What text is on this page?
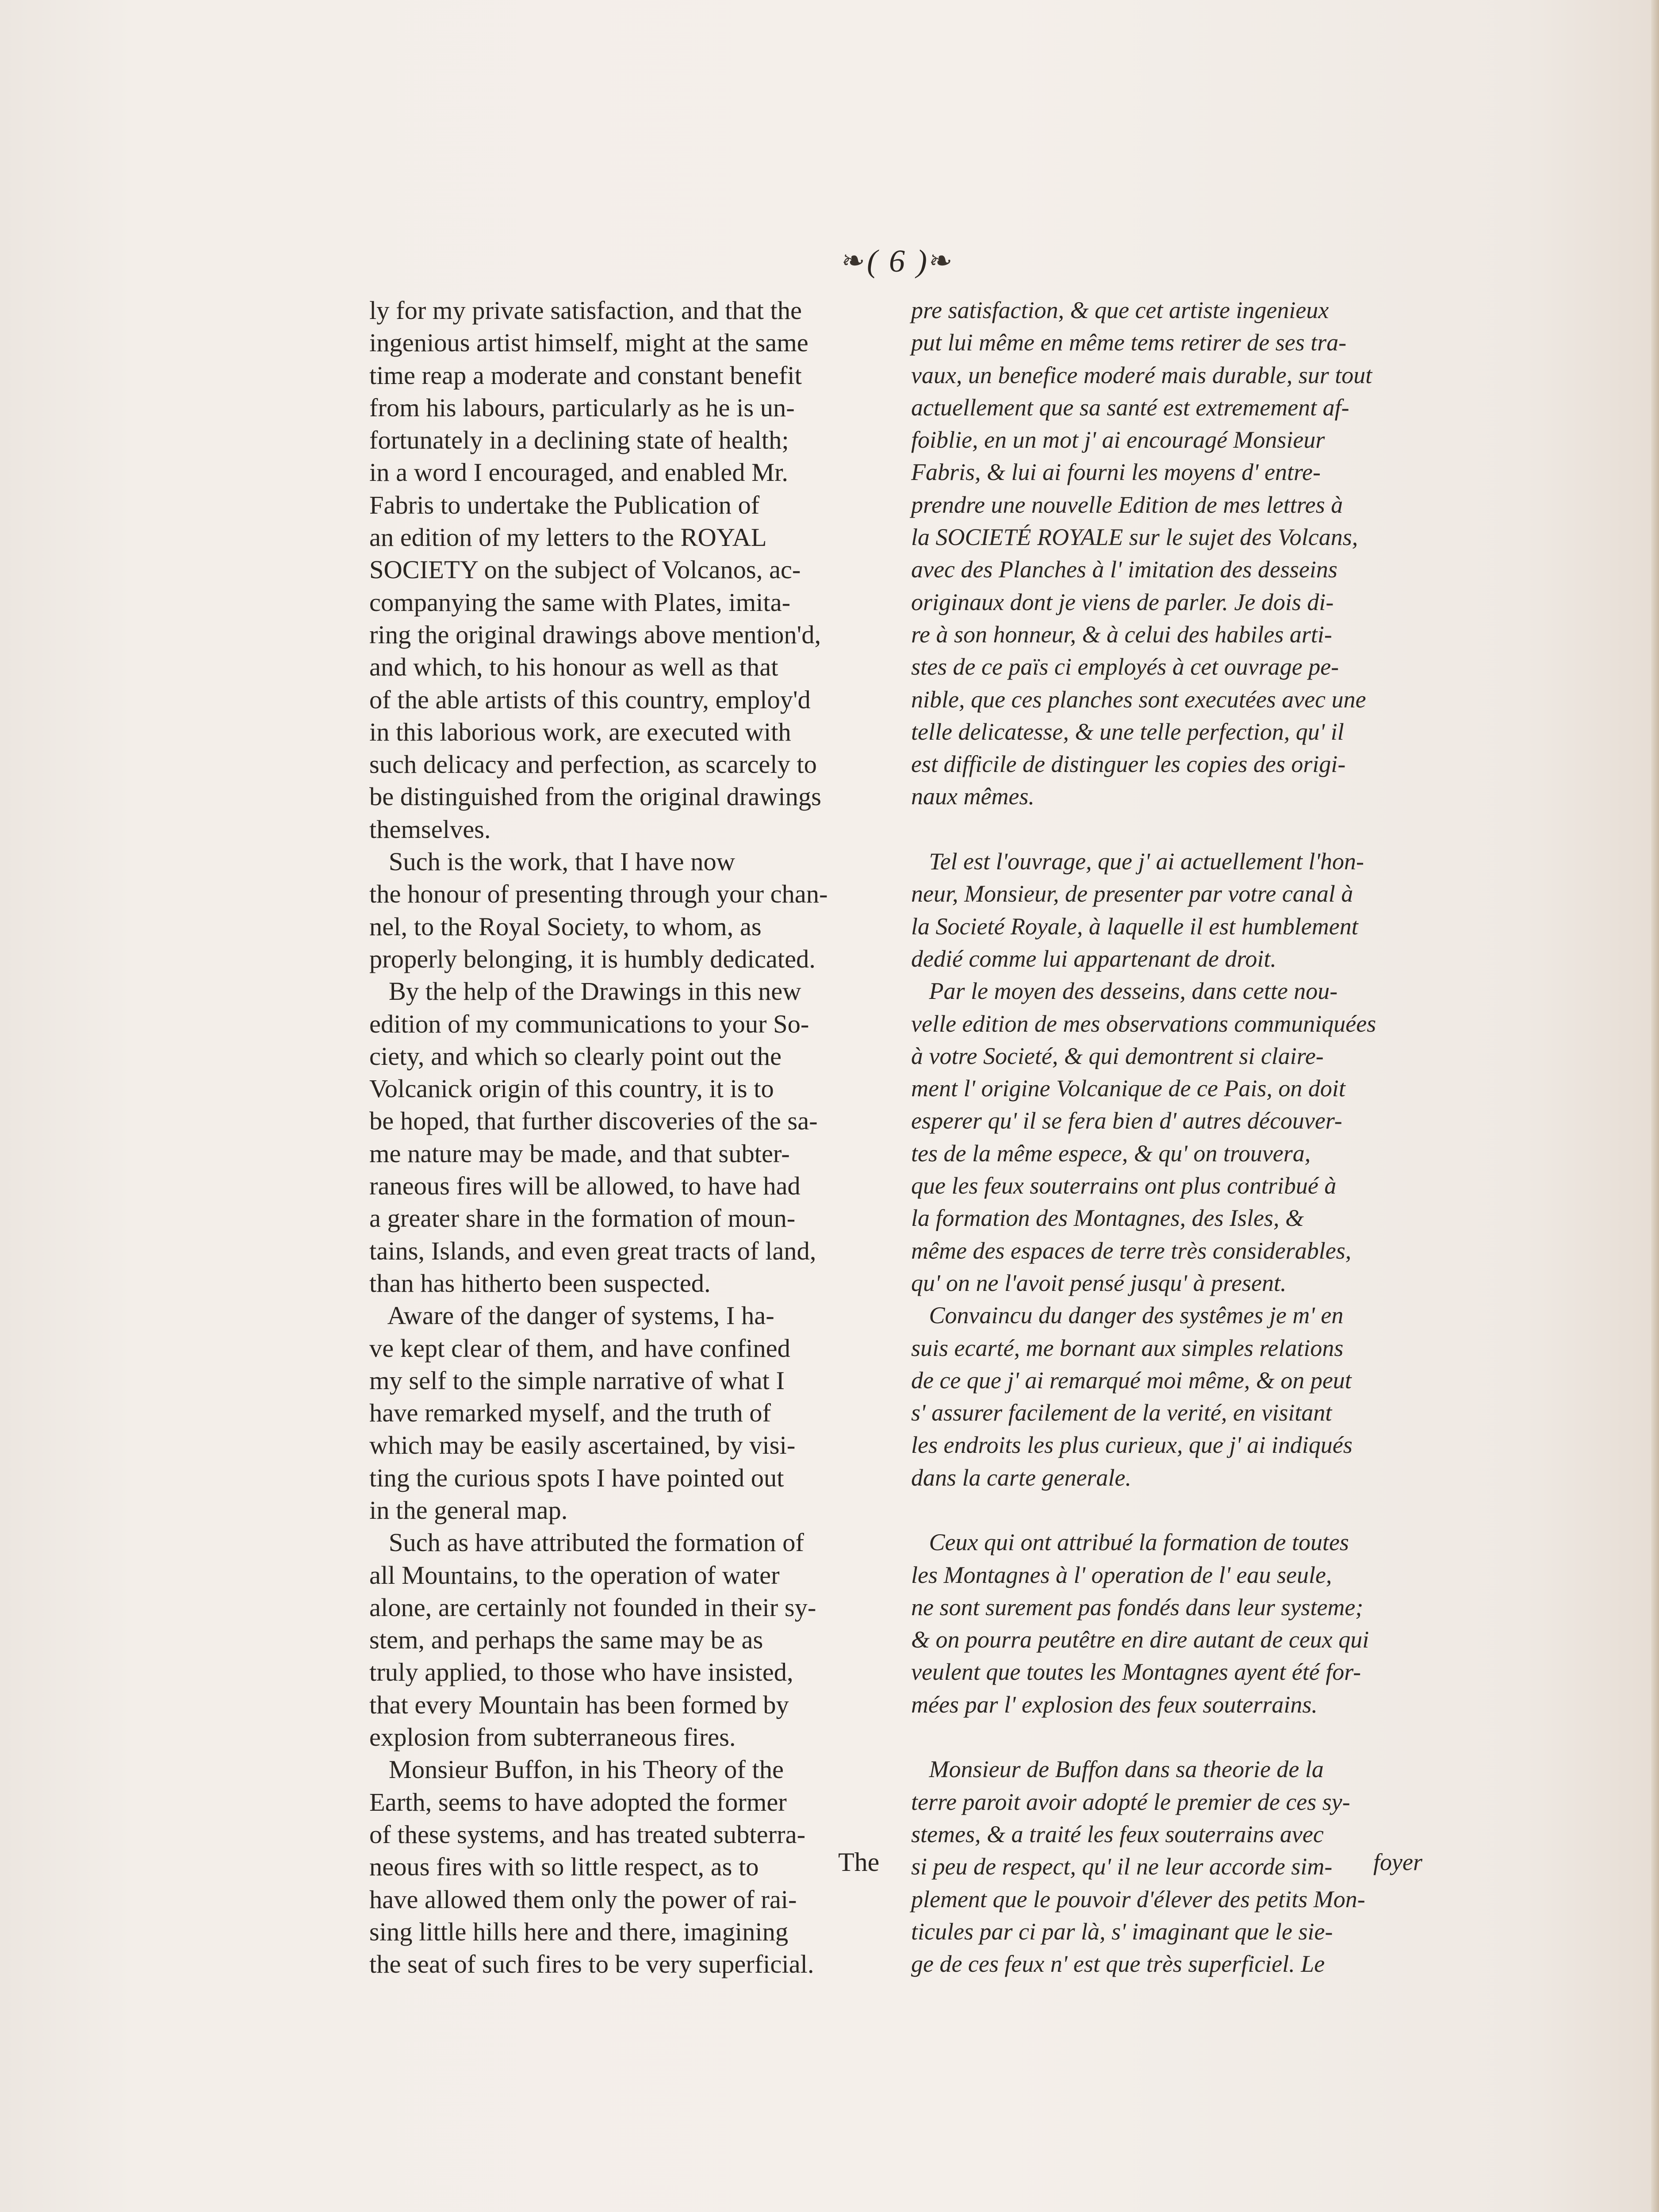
❧ ( 6 ) ❧
ly for my private satisfaction, and that the
ingenious artist himself, might at the same
time reap a moderate and constant benefit
from his labours, particularly as he is un-
fortunately in a declining state of health;
in a word I encouraged, and enabled Mr.
Fabris to undertake the Publication of
an edition of my letters to the ROYAL
SOCIETY on the subject of Volcanos, ac-
companying the same with Plates, imita-
ring the original drawings above mention'd,
and which, to his honour as well as that
of the able artists of this country, employ'd
in this laborious work, are executed with
such delicacy and perfection, as scarcely to
be distinguished from the original drawings
themselves.
Such is the work, that I have now
the honour of presenting through your chan-
nel, to the Royal Society, to whom, as
properly belonging, it is humbly dedicated.
By the help of the Drawings in this new
edition of my communications to your So-
ciety, and which so clearly point out the
Volcanick origin of this country, it is to
be hoped, that further discoveries of the sa-
me nature may be made, and that subter-
raneous fires will be allowed, to have had
a greater share in the formation of moun-
tains, Islands, and even great tracts of land,
than has hitherto been suspected.
Aware of the danger of systems, I ha-
ve kept clear of them, and have confined
my self to the simple narrative of what I
have remarked myself, and the truth of
which may be easily ascertained, by visi-
ting the curious spots I have pointed out
in the general map.
Such as have attributed the formation of
all Mountains, to the operation of water
alone, are certainly not founded in their sy-
stem, and perhaps the same may be as
truly applied, to those who have insisted,
that every Mountain has been formed by
explosion from subterraneous fires.
Monsieur Buffon, in his Theory of the
Earth, seems to have adopted the former
of these systems, and has treated subterra-
neous fires with so little respect, as to
have allowed them only the power of rai-
sing little hills here and there, imagining
the seat of such fires to be very superficial.
pre satisfaction, & que cet artiste ingenieux
put lui même en même tems retirer de ses tra-
vaux, un benefice moderé mais durable, sur tout
actuellement que sa santé est extremement af-
foiblie, en un mot j' ai encouragé Monsieur
Fabris, & lui ai fourni les moyens d' entre-
prendre une nouvelle Edition de mes lettres à
la SOCIETÉ ROYALE sur le sujet des Volcans,
avec des Planches à l' imitation des desseins
originaux dont je viens de parler. Je dois di-
re à son honneur, & à celui des habiles arti-
stes de ce païs ci employés à cet ouvrage pe-
nible, que ces planches sont executées avec une
telle delicatesse, & une telle perfection, qu' il
est difficile de distinguer les copies des origi-
naux mêmes.
Tel est l'ouvrage, que j' ai actuellement l'hon-
neur, Monsieur, de presenter par votre canal à
la Societé Royale, à laquelle il est humblement
dedié comme lui appartenant de droit.
Par le moyen des desseins, dans cette nou-
velle edition de mes observations communiquées
à votre Societé, & qui demontrent si claire-
ment l' origine Volcanique de ce Pais, on doit
esperer qu' il se fera bien d' autres découver-
tes de la même espece, & qu' on trouvera,
que les feux souterrains ont plus contribué à
la formation des Montagnes, des Isles, &
même des espaces de terre très considerables,
qu' on ne l'avoit pensé jusqu' à present.
Convaincu du danger des systêmes je m' en
suis ecarté, me bornant aux simples relations
de ce que j' ai remarqué moi même, & on peut
s' assurer facilement de la verité, en visitant
les endroits les plus curieux, que j' ai indiqués
dans la carte generale.
Ceux qui ont attribué la formation de toutes
les Montagnes à l' operation de l' eau seule,
ne sont surement pas fondés dans leur systeme;
& on pourra peutêtre en dire autant de ceux qui
veulent que toutes les Montagnes ayent été for-
mées par l' explosion des feux souterrains.
Monsieur de Buffon dans sa theorie de la
terre paroit avoir adopté le premier de ces sy-
stemes, & a traité les feux souterrains avec
si peu de respect, qu' il ne leur accorde sim-
plement que le pouvoir d'élever des petits Mon-
ticules par ci par là, s' imaginant que le sie-
ge de ces feux n' est que très superficiel. Le
The	foyer
